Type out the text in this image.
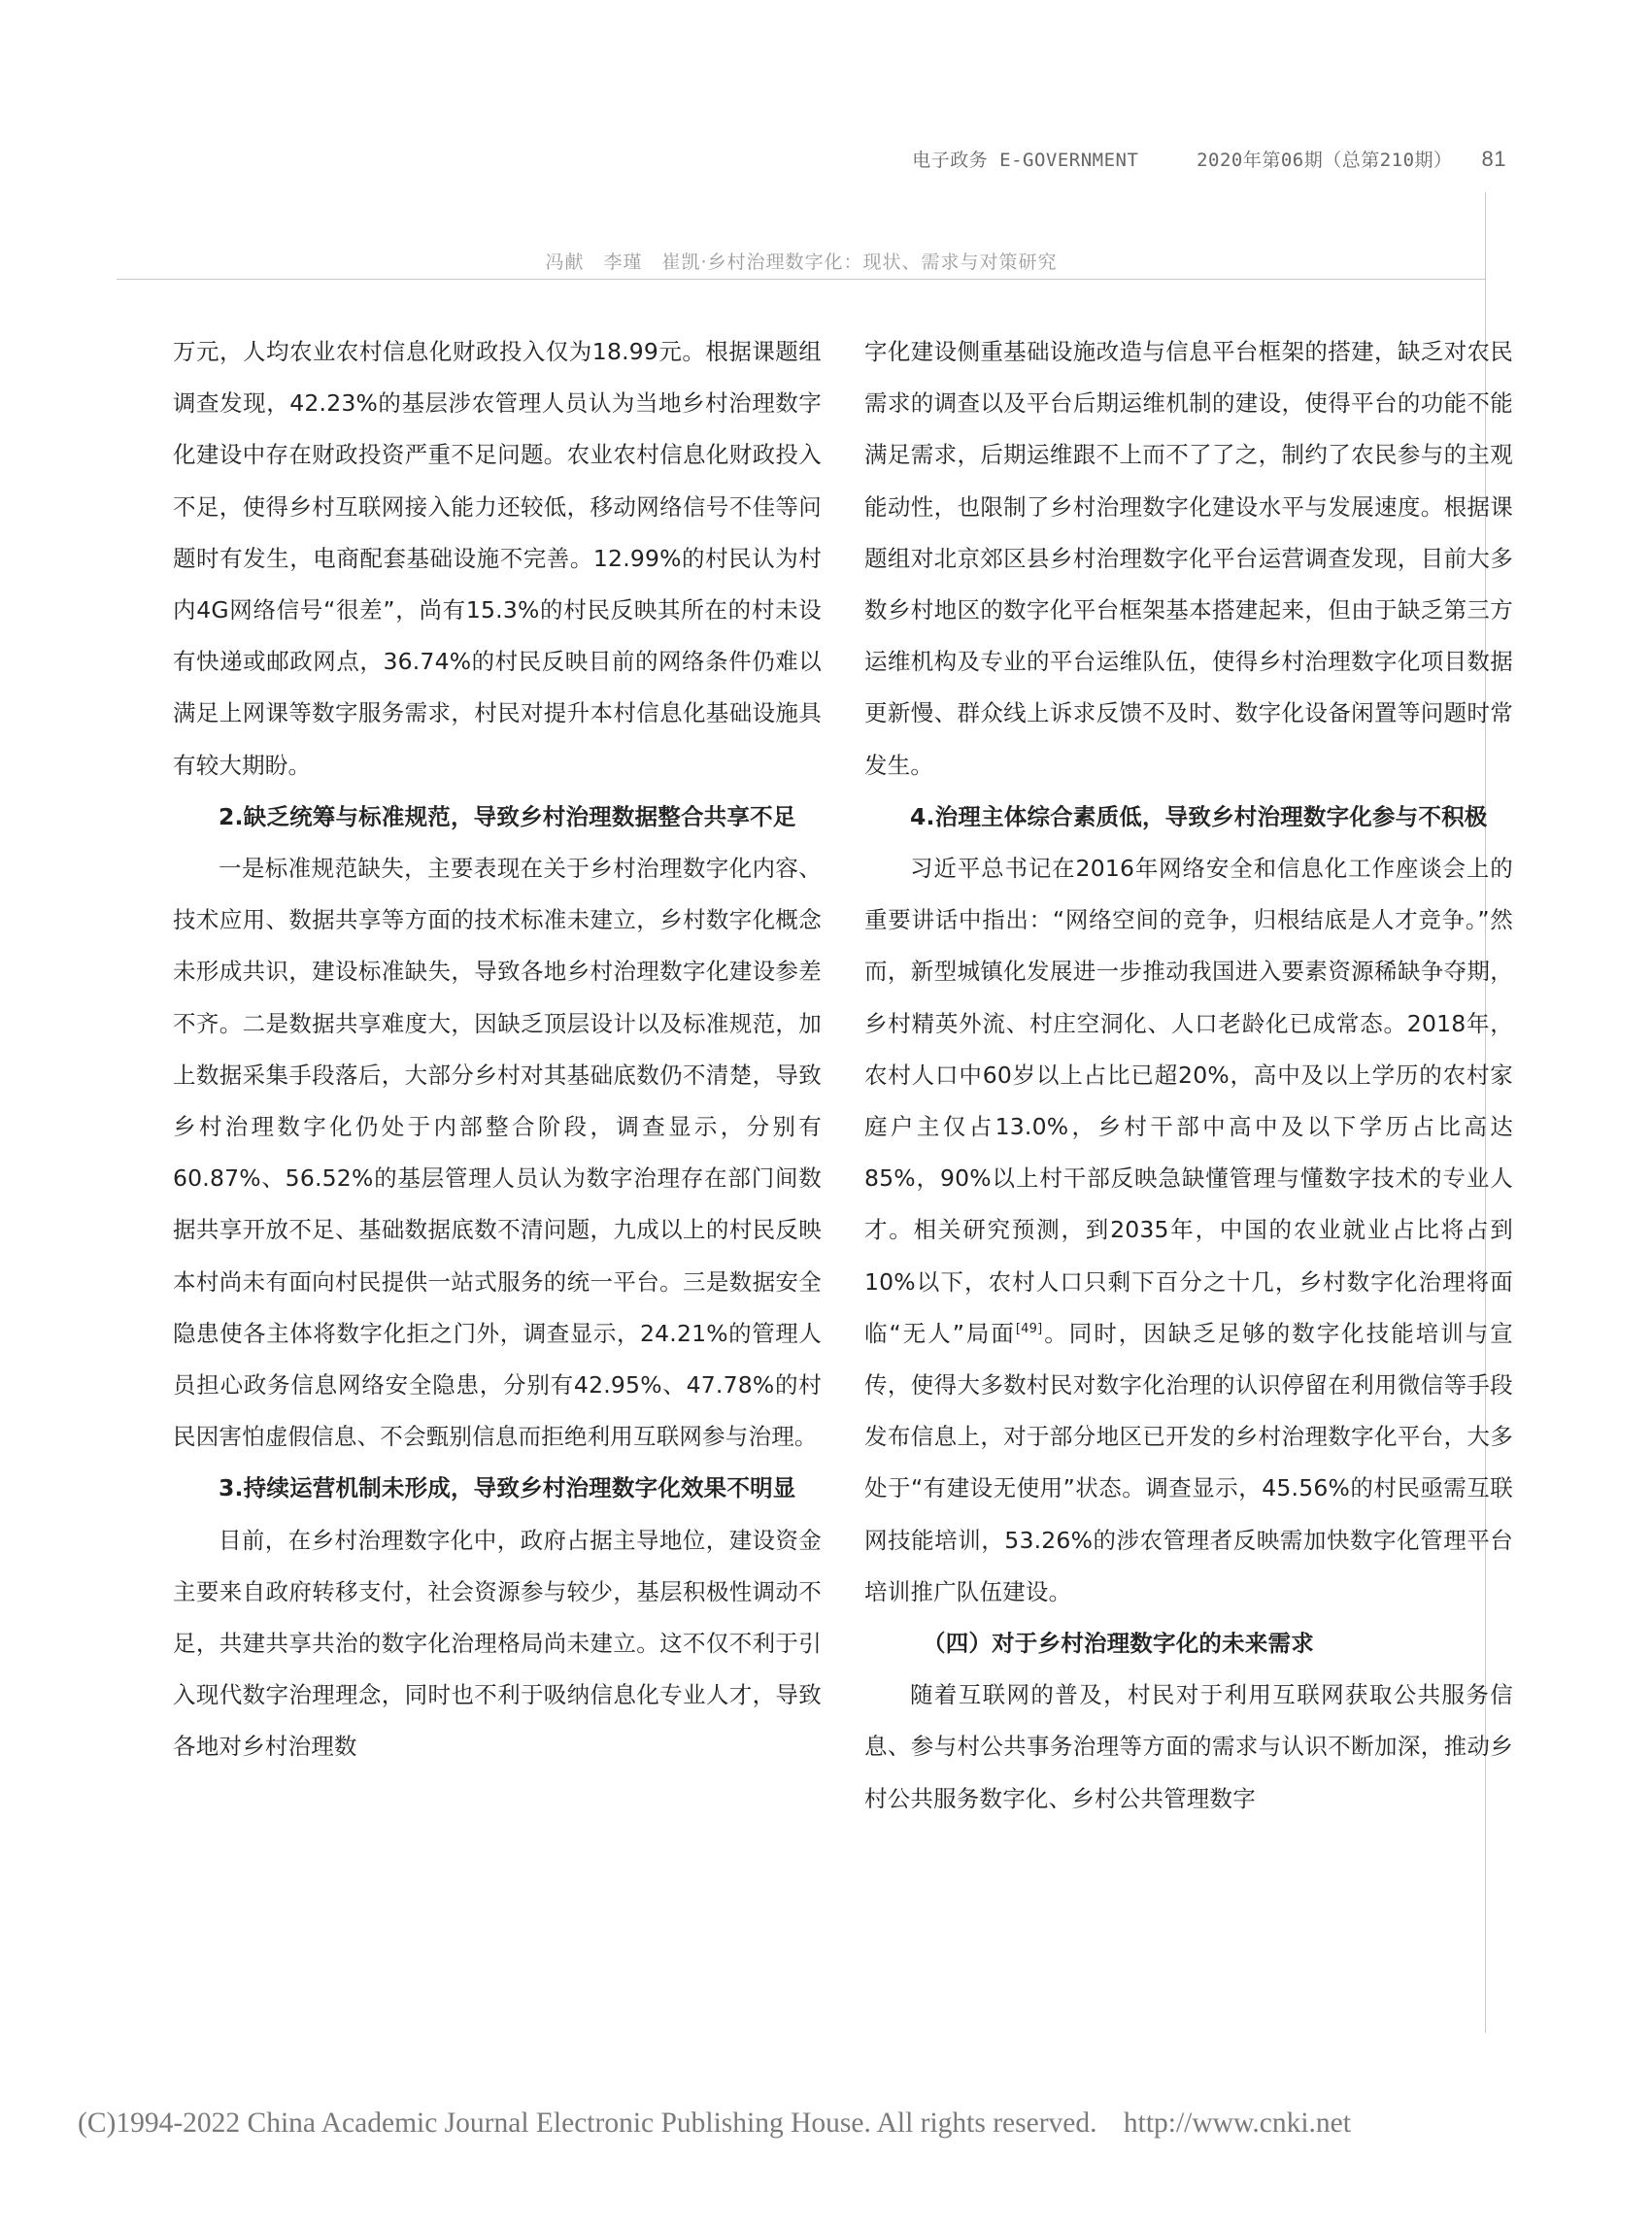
电子政务 E-GOVERNMENT	2020年第06期（总第210期） 81
冯献　李瑾　崔凯·乡村治理数字化：现状、需求与对策研究

万元，人均农业农村信息化财政投入仅为18.99元。根据课题组调查发现，42.23%的基层涉农管理人员认为当地乡村治理数字化建设中存在财政投资严重不足问题。农业农村信息化财政投入不足，使得乡村互联网接入能力还较低，移动网络信号不佳等问题时有发生，电商配套基础设施不完善。12.99%的村民认为村内4G网络信号“很差”，尚有15.3%的村民反映其所在的村未设有快递或邮政网点，36.74%的村民反映目前的网络条件仍难以满足上网课等数字服务需求，村民对提升本村信息化基础设施具有较大期盼。

2.缺乏统筹与标准规范，导致乡村治理数据整合共享不足

一是标准规范缺失，主要表现在关于乡村治理数字化内容、技术应用、数据共享等方面的技术标准未建立，乡村数字化概念未形成共识，建设标准缺失，导致各地乡村治理数字化建设参差不齐。二是数据共享难度大，因缺乏顶层设计以及标准规范，加上数据采集手段落后，大部分乡村对其基础底数仍不清楚，导致乡村治理数字化仍处于内部整合阶段，调查显示，分别有60.87%、56.52%的基层管理人员认为数字治理存在部门间数据共享开放不足、基础数据底数不清问题，九成以上的村民反映本村尚未有面向村民提供一站式服务的统一平台。三是数据安全隐患使各主体将数字化拒之门外，调查显示，24.21%的管理人员担心政务信息网络安全隐患，分别有42.95%、47.78%的村民因害怕虚假信息、不会甄别信息而拒绝利用互联网参与治理。

3.持续运营机制未形成，导致乡村治理数字化效果不明显

目前，在乡村治理数字化中，政府占据主导地位，建设资金主要来自政府转移支付，社会资源参与较少，基层积极性调动不足，共建共享共治的数字化治理格局尚未建立。这不仅不利于引入现代数字治理理念，同时也不利于吸纳信息化专业人才，导致各地对乡村治理数

字化建设侧重基础设施改造与信息平台框架的搭建，缺乏对农民需求的调查以及平台后期运维机制的建设，使得平台的功能不能满足需求，后期运维跟不上而不了了之，制约了农民参与的主观能动性，也限制了乡村治理数字化建设水平与发展速度。根据课题组对北京郊区县乡村治理数字化平台运营调查发现，目前大多数乡村地区的数字化平台框架基本搭建起来，但由于缺乏第三方运维机构及专业的平台运维队伍，使得乡村治理数字化项目数据更新慢、群众线上诉求反馈不及时、数字化设备闲置等问题时常发生。

4.治理主体综合素质低，导致乡村治理数字化参与不积极

习近平总书记在2016年网络安全和信息化工作座谈会上的重要讲话中指出：“网络空间的竞争，归根结底是人才竞争。”然而，新型城镇化发展进一步推动我国进入要素资源稀缺争夺期，乡村精英外流、村庄空洞化、人口老龄化已成常态。2018年，农村人口中60岁以上占比已超20%，高中及以上学历的农村家庭户主仅占13.0%，乡村干部中高中及以下学历占比高达85%，90%以上村干部反映急缺懂管理与懂数字技术的专业人才。相关研究预测，到2035年，中国的农业就业占比将占到10%以下，农村人口只剩下百分之十几，乡村数字化治理将面临“无人”局面[49]。同时，因缺乏足够的数字化技能培训与宣传，使得大多数村民对数字化治理的认识停留在利用微信等手段发布信息上，对于部分地区已开发的乡村治理数字化平台，大多处于“有建设无使用”状态。调查显示，45.56%的村民亟需互联网技能培训，53.26%的涉农管理者反映需加快数字化管理平台培训推广队伍建设。

（四）对于乡村治理数字化的未来需求

随着互联网的普及，村民对于利用互联网获取公共服务信息、参与村公共事务治理等方面的需求与认识不断加深，推动乡村公共服务数字化、乡村公共管理数字

(C)1994-2022 China Academic Journal Electronic Publishing House. All rights reserved. http://www.cnki.net
